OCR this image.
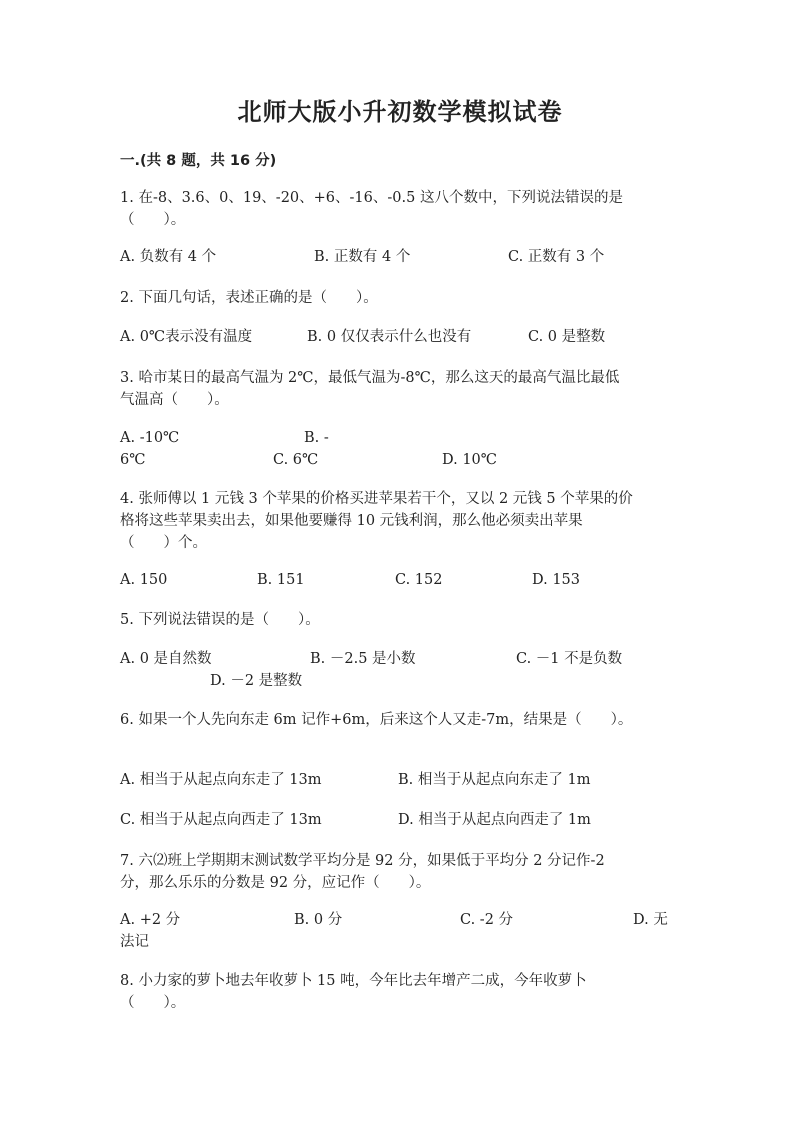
北师大版小升初数学模拟试卷
一.(共 8 题，共 16 分)
1. 在-8、3.6、0、19、-20、+6、-16、-0.5 这八个数中，下列说法错误的是
（　　）。
A. 负数有 4 个	B. 正数有 4 个	C. 正数有 3 个
2. 下面几句话，表述正确的是（　　）。
A. 0℃表示没有温度	B. 0 仅仅表示什么也没有	C. 0 是整数
3. 哈市某日的最高气温为 2℃，最低气温为-8℃，那么这天的最高气温比最低
气温高（　　）。
A. -10℃	B. -
6℃	C. 6℃	D. 10℃
4. 张师傅以 1 元钱 3 个苹果的价格买进苹果若干个，又以 2 元钱 5 个苹果的价
格将这些苹果卖出去，如果他要赚得 10 元钱利润，那么他必须卖出苹果
（　　）个。
A. 150	B. 151	C. 152	D. 153
5. 下列说法错误的是（　　）。
A. 0 是自然数	B. －2.5 是小数	C. －1 不是负数
D. －2 是整数
6. 如果一个人先向东走 6m 记作+6m，后来这个人又走-7m，结果是（　　）。
A. 相当于从起点向东走了 13m	B. 相当于从起点向东走了 1m
C. 相当于从起点向西走了 13m	D. 相当于从起点向西走了 1m
7. 六⑵班上学期期末测试数学平均分是 92 分，如果低于平均分 2 分记作-2
分，那么乐乐的分数是 92 分，应记作（　　）。
A. +2 分	B. 0 分	C. -2 分	D. 无
法记
8. 小力家的萝卜地去年收萝卜 15 吨，今年比去年增产二成，今年收萝卜
（　　）。
